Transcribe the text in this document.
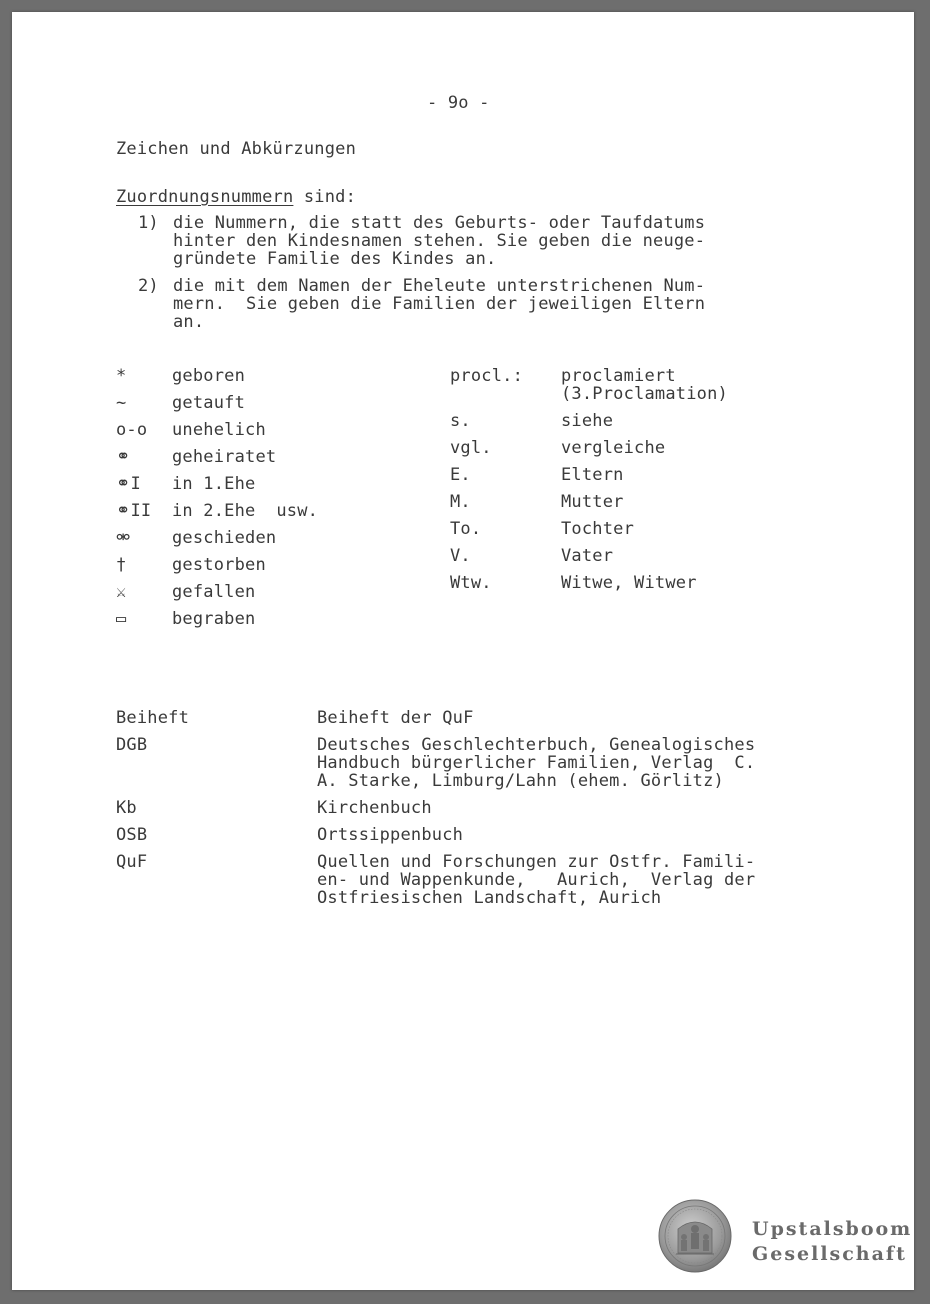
- 9o -
Zeichen und Abkürzungen
Zuordnungsnummern sind:
1) die Nummern, die statt des Geburts- oder Taufdatums
hinter den Kindesnamen stehen. Sie geben die neuge-
gründete Familie des Kindes an.
2) die mit dem Namen der Eheleute unterstrichenen Num-
mern.  Sie geben die Familien der jeweiligen Eltern
an.
*	geboren
~	getauft
o-o	unehelich
⚭	geheiratet
⚭I	in 1.Ehe
⚭II	in 2.Ehe  usw.
⚮	geschieden
†	gestorben
⚔	gefallen
▭	begraben
procl.: proclamiert
(3.Proclamation)
s.	siehe
vgl.	vergleiche
E.	Eltern
M.	Mutter
To.	Tochter
V.	Vater
Wtw.	Witwe, Witwer
Beiheft	Beiheft der QuF
DGB	Deutsches Geschlechterbuch, Genealogisches
Handbuch bürgerlicher Familien, Verlag  C.
A. Starke, Limburg/Lahn (ehem. Görlitz)
Kb	Kirchenbuch
OSB	Ortssippenbuch
QuF	Quellen und Forschungen zur Ostfr. Famili-
en- und Wappenkunde,   Aurich,  Verlag der
Ostfriesischen Landschaft, Aurich
Upstalsboom
Gesellschaft
